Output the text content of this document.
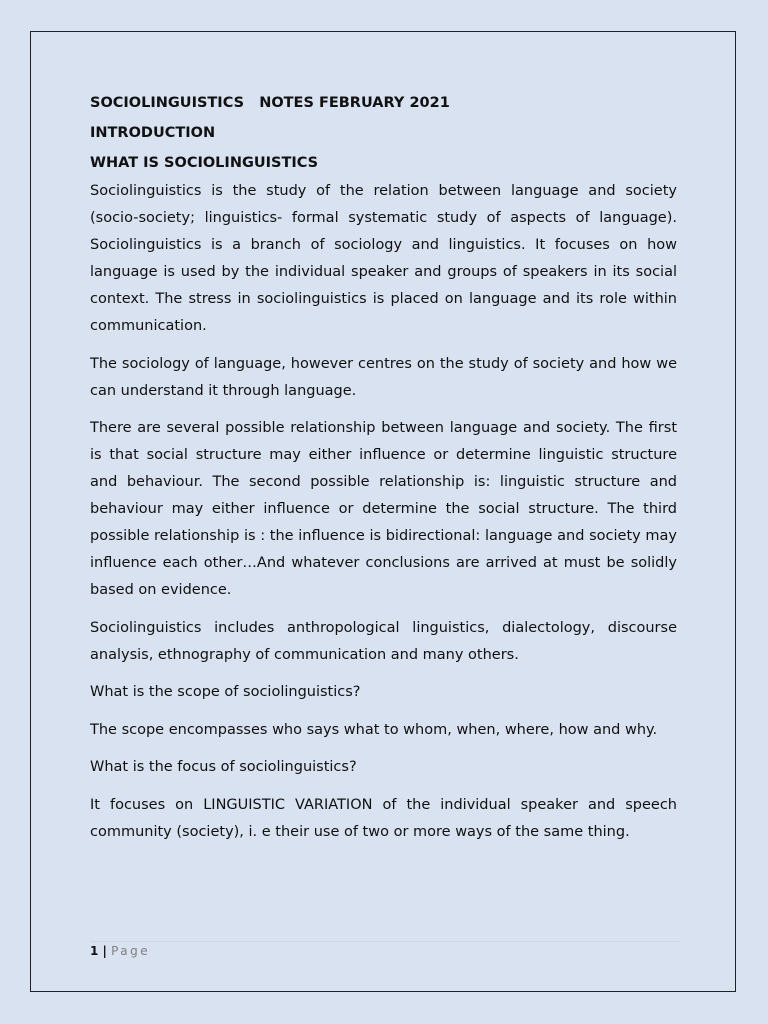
SOCIOLINGUISTICS   NOTES FEBRUARY 2021

INTRODUCTION

WHAT IS SOCIOLINGUISTICS

Sociolinguistics is the study of the relation between language and society (socio-society; linguistics- formal systematic study of aspects of language). Sociolinguistics is a branch of sociology and linguistics. It focuses on how language is used by the individual speaker and groups of speakers in its social context. The stress in sociolinguistics is placed on language and its role within communication.

The sociology of language, however centres on the study of society and how we can understand it through language.

There are several possible relationship between language and society. The first is that social structure may either influence or determine linguistic structure and behaviour. The second possible relationship is: linguistic structure and behaviour may either influence or determine the social structure. The third possible relationship is : the influence is bidirectional: language and society may influence each other…And whatever conclusions are arrived at must be solidly based on evidence.

Sociolinguistics includes anthropological linguistics, dialectology, discourse analysis, ethnography of communication and many others.

What is the scope of sociolinguistics?

The scope encompasses who says what to whom, when, where, how and why.

What is the focus of sociolinguistics?

It focuses on LINGUISTIC VARIATION of the individual speaker and speech community (society), i. e their use of two or more ways of the same thing.

1 | Page
